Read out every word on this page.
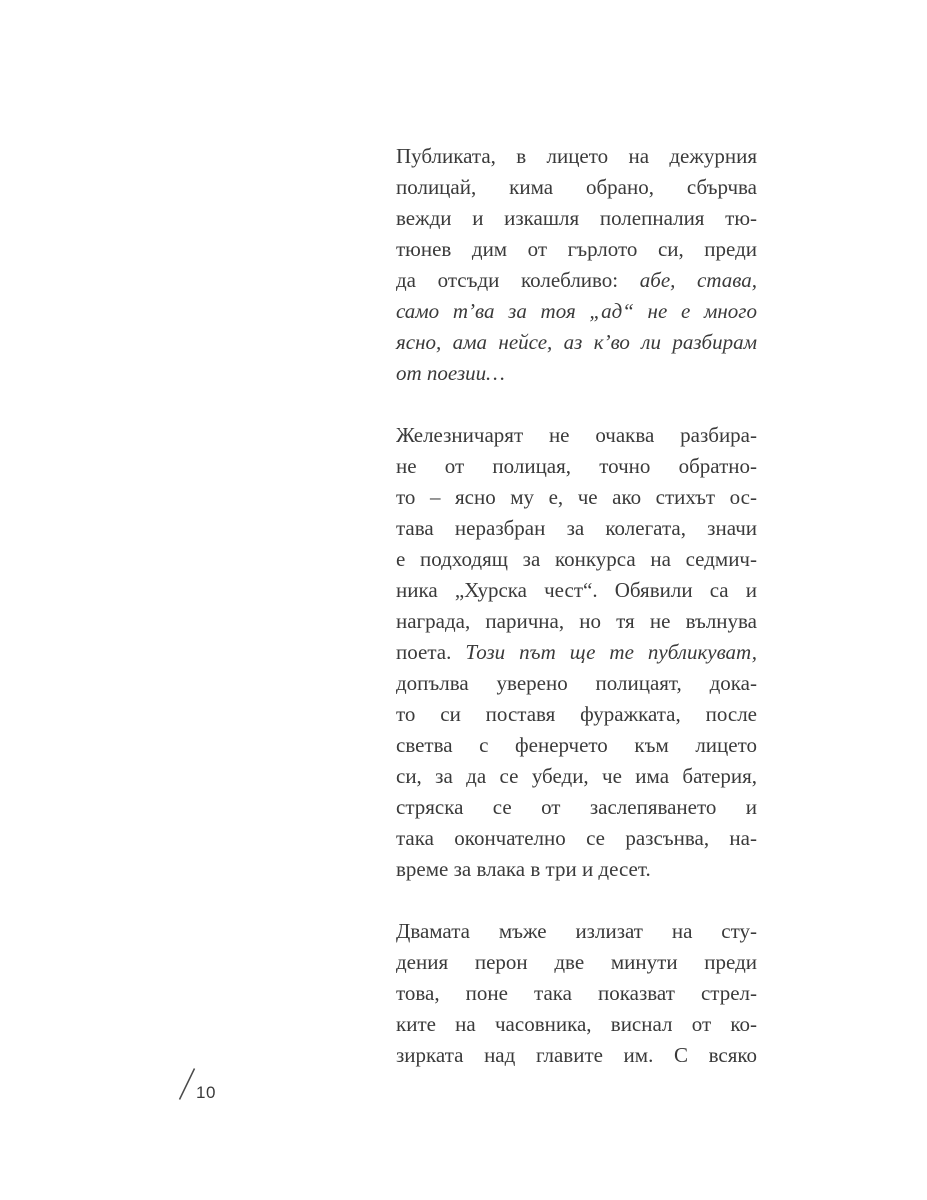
Публиката, в лицето на дежурния
полицай, кима обрано, сбърчва
вежди и изкашля полепналия тю-
тюнев дим от гърлото си, преди
да отсъди колебливо: абе, става,
само т’ва за тоя „ад“ не е много
ясно, ама нейсе, аз к’во ли разбирам
от поезии…
Железничарят не очаква разбира-
не от полицая, точно обратно-
то – ясно му е, че ако стихът ос-
тава неразбран за колегата, значи
е подходящ за конкурса на седмич-
ника „Хурска чест“. Обявили са и
награда, парична, но тя не вълнува
поета. Този път ще те публикуват,
допълва уверено полицаят, дока-
то си поставя фуражката, после
светва с фенерчето към лицето
си, за да се убеди, че има батерия,
стряска се от заслепяването и
така окончателно се разсънва, на-
време за влака в три и десет.
Двамата мъже излизат на сту-
дения перон две минути преди
това, поне така показват стрел-
ките на часовника, виснал от ко-
зирката над главите им. С всяко
10
